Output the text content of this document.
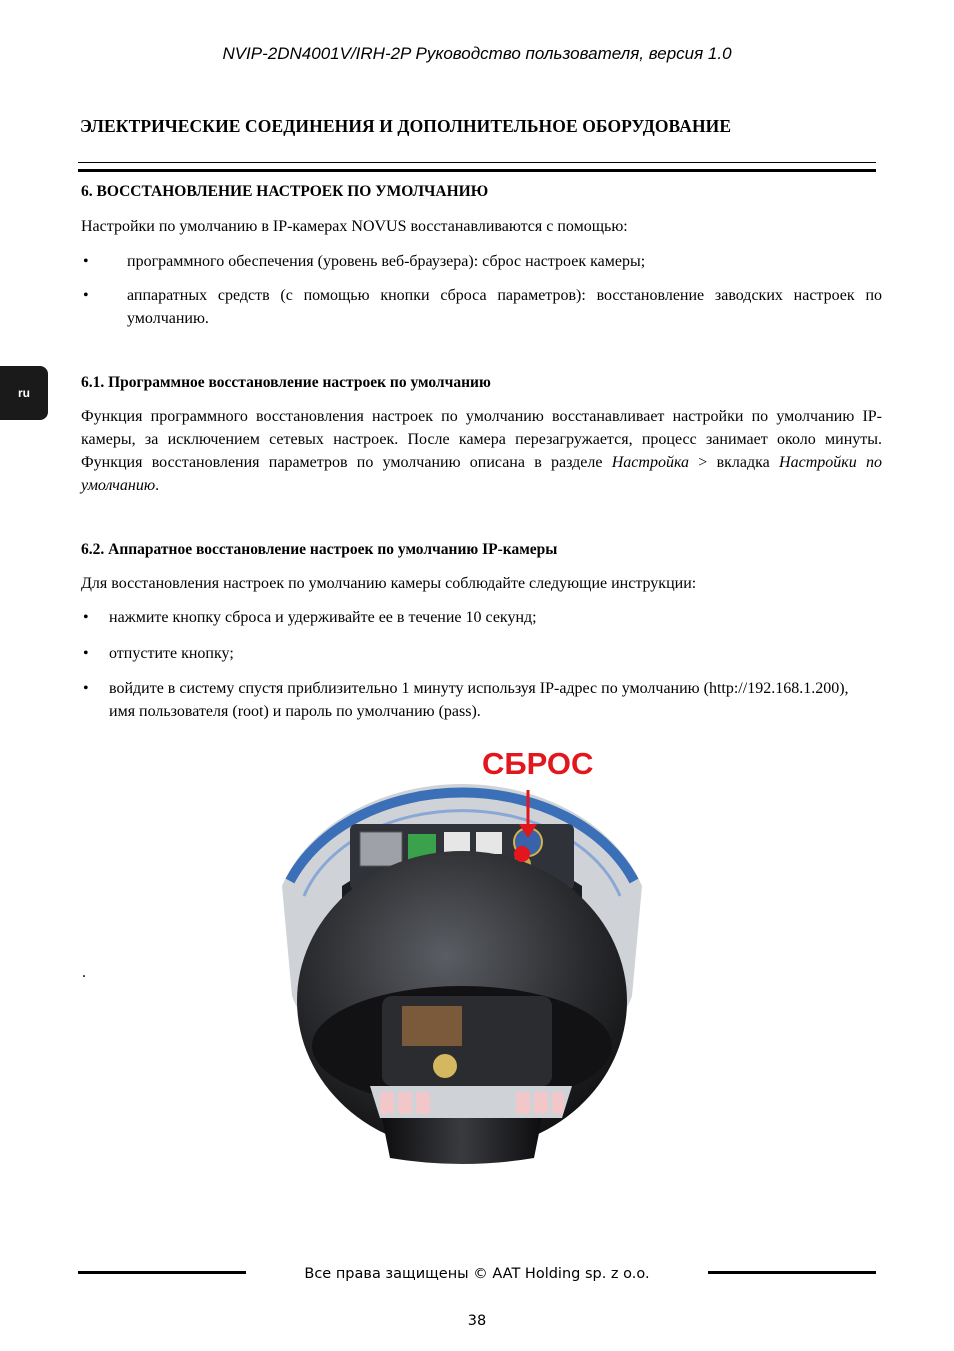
NVIP-2DN4001V/IRH-2P Руководство пользователя, версия 1.0
ЭЛЕКТРИЧЕСКИЕ СОЕДИНЕНИЯ И ДОПОЛНИТЕЛЬНОЕ ОБОРУДОВАНИЕ
ru
6. ВОССТАНОВЛЕНИЕ НАСТРОЕК ПО УМОЛЧАНИЮ
Настройки по умолчанию в IP-камерах NOVUS восстанавливаются с помощью:
• программного обеспечения (уровень веб-браузера): сброс настроек камеры;
• аппаратных средств (с помощью кнопки сброса параметров): восстановление заводских настроек по умолчанию.
6.1. Программное восстановление настроек по умолчанию
Функция программного восстановления настроек по умолчанию восстанавливает настройки по умолчанию IP-камеры, за исключением сетевых настроек. После камера перезагружается, процесс занимает около минуты. Функция восстановления параметров по умолчанию описана в разделе Настройка > вкладка Настройки по умолчанию.
6.2. Аппаратное восстановление настроек по умолчанию IP-камеры
Для восстановления настроек по умолчанию камеры соблюдайте следующие инструкции:
• нажмите кнопку сброса и удерживайте ее в течение 10 секунд;
• отпустите кнопку;
• войдите в систему спустя приблизительно 1 минуту используя IP-адрес по умолчанию (http://192.168.1.200), имя пользователя (root) и пароль по умолчанию (pass).
СБРОС
.
Все права защищены © AAT Holding sp. z o.o.
38
